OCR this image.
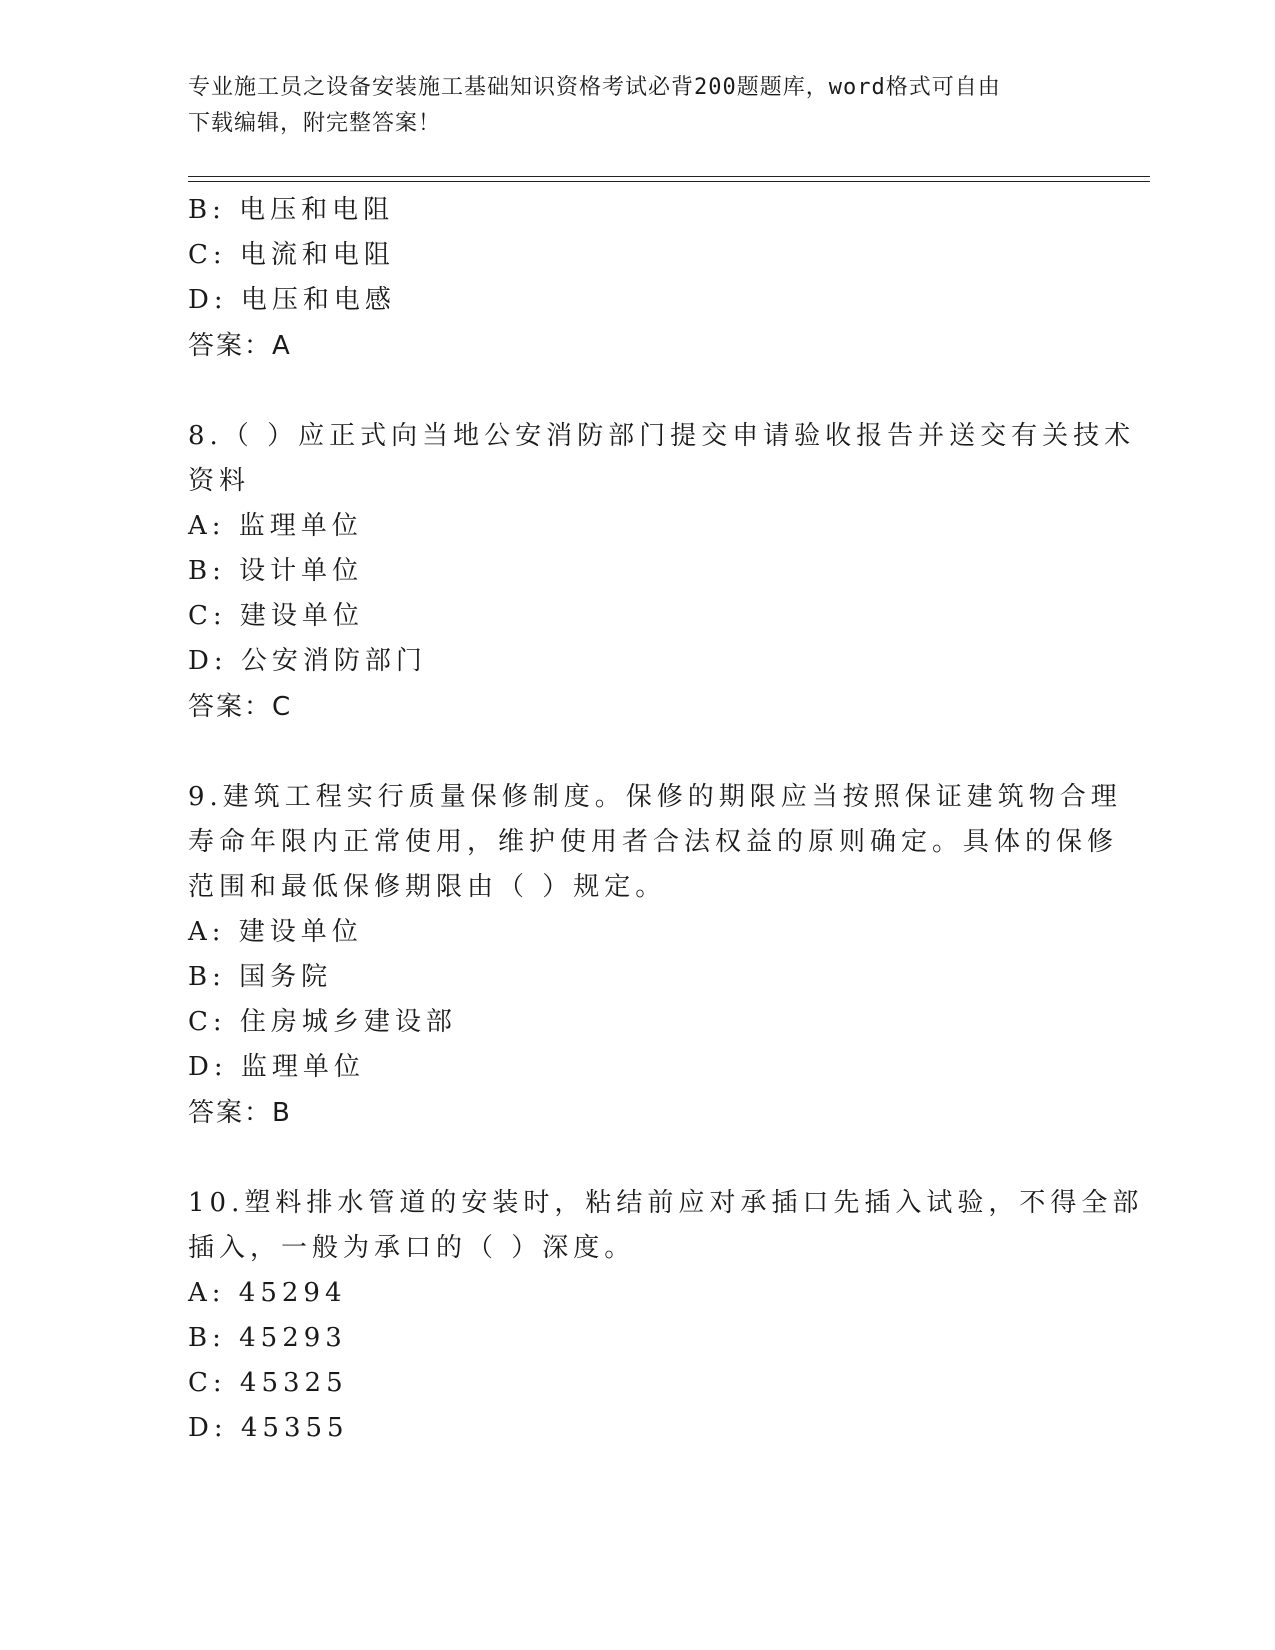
专业施工员之设备安装施工基础知识资格考试必背200题题库，word格式可自由
下载编辑，附完整答案！
B: 电压和电阻
C: 电流和电阻
D: 电压和电感
答案：A
8.（ ）应正式向当地公安消防部门提交申请验收报告并送交有关技术
资料
A: 监理单位
B: 设计单位
C: 建设单位
D: 公安消防部门
答案：C
9.建筑工程实行质量保修制度。保修的期限应当按照保证建筑物合理
寿命年限内正常使用，维护使用者合法权益的原则确定。具体的保修
范围和最低保修期限由（ ）规定。
A: 建设单位
B: 国务院
C: 住房城乡建设部
D: 监理单位
答案：B
10.塑料排水管道的安装时，粘结前应对承插口先插入试验，不得全部
插入，一般为承口的（ ）深度。
A: 45294
B: 45293
C: 45325
D: 45355
